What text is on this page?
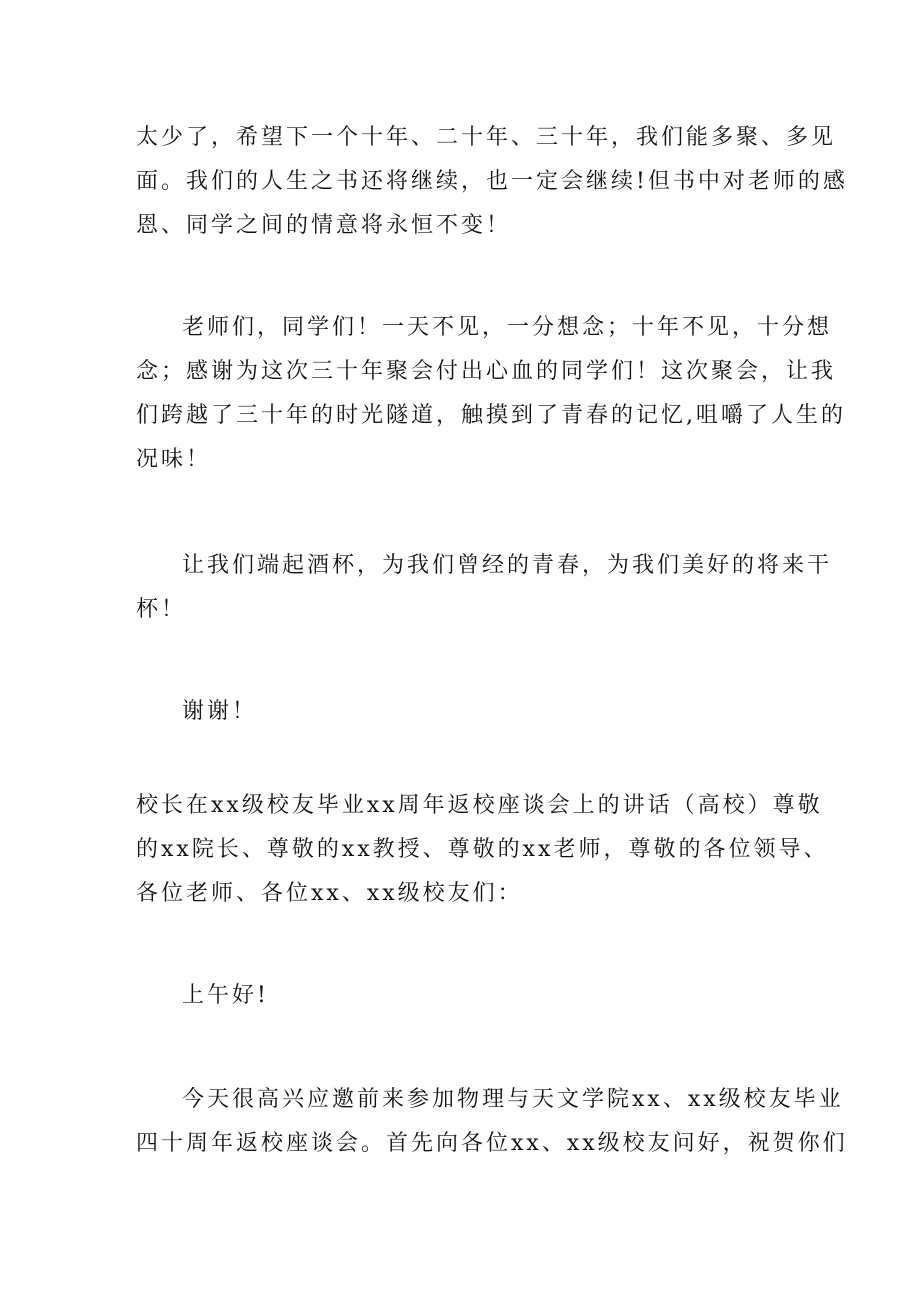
太少了，希望下一个十年、二十年、三十年，我们能多聚、多见
面。我们的人生之书还将继续，也一定会继续!但书中对老师的感
恩、同学之间的情意将永恒不变！
老师们，同学们！一天不见，一分想念；十年不见，十分想
念；感谢为这次三十年聚会付出心血的同学们！这次聚会，让我
们跨越了三十年的时光隧道，触摸到了青春的记忆,咀嚼了人生的
况味！
让我们端起酒杯，为我们曾经的青春，为我们美好的将来干
杯！
谢谢！
校长在xx级校友毕业xx周年返校座谈会上的讲话（高校）尊敬
的xx院长、尊敬的xx教授、尊敬的xx老师，尊敬的各位领导、
各位老师、各位xx、xx级校友们：
上午好!
今天很高兴应邀前来参加物理与天文学院xx、xx级校友毕业
四十周年返校座谈会。首先向各位xx、xx级校友问好，祝贺你们
